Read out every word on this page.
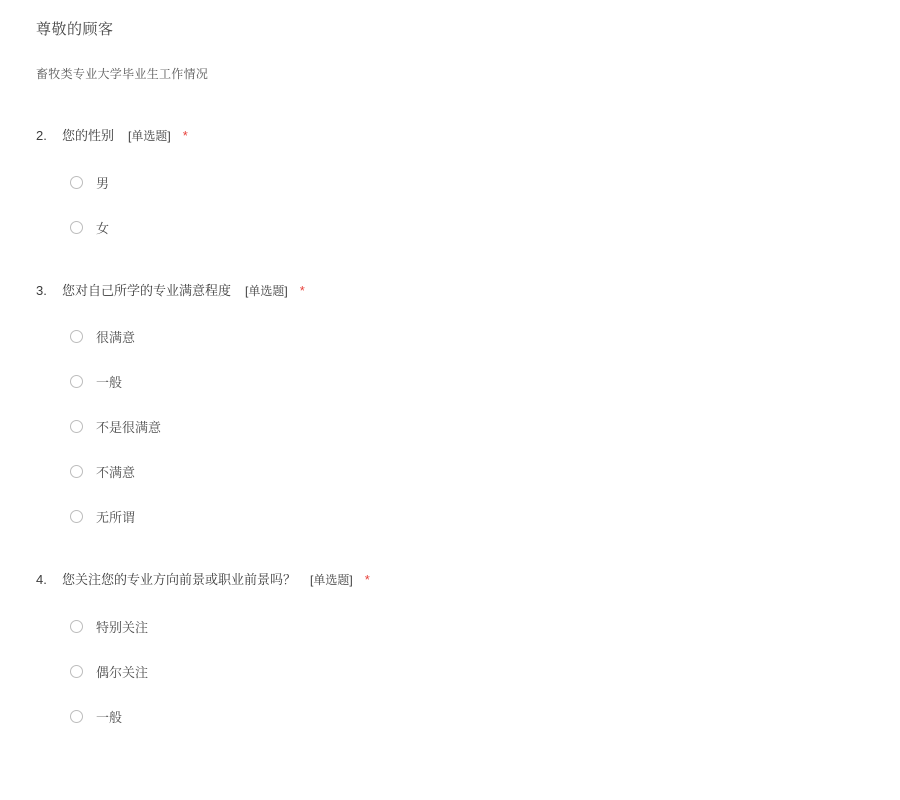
尊敬的顾客

畜牧类专业大学毕业生工作情况

2.	您的性别 [单选题] *
男
女
3.	您对自己所学的专业满意程度 [单选题] *
很满意
一般
不是很满意
不满意
无所谓
4.	您关注您的专业方向前景或职业前景吗？ [单选题] *
特别关注
偶尔关注
一般
